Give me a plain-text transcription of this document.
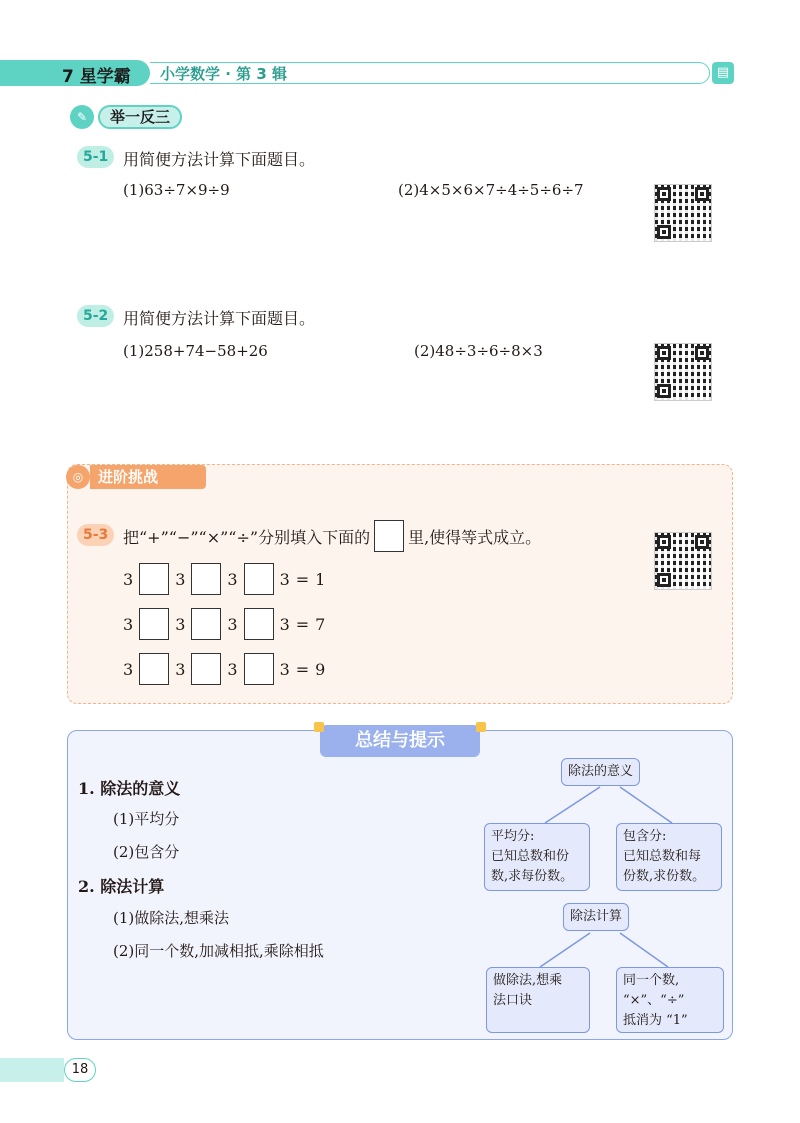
‹
7 星学霸 小学数学 · 第 3 辑	▤
✎	举一反三
5-1 用简便方法计算下面题目。
(1)63÷7×9÷9	(2)4×5×6×7÷4÷5÷6÷7
5-2 用简便方法计算下面题目。
(1)258+74−58+26	(2)48÷3÷6÷8×3
◎ 进阶挑战
5-3 把“+”“−”“×”“÷”分别填入下面的 里,使得等式成立。
3	3	3	3 = 1
3	3	3	3 = 7
3	3	3	3 = 9
总结与提示
1. 除法的意义
(1)平均分
(2)包含分
2. 除法计算
(1)做除法,想乘法
(2)同一个数,加减相抵,乘除相抵
除法的意义
平均分:
已知总数和份
数,求每份数。
包含分:
已知总数和每
份数,求份数。
除法计算
做除法,想乘
法口诀
同一个数,
“×”、“÷”
抵消为 “1”
18
